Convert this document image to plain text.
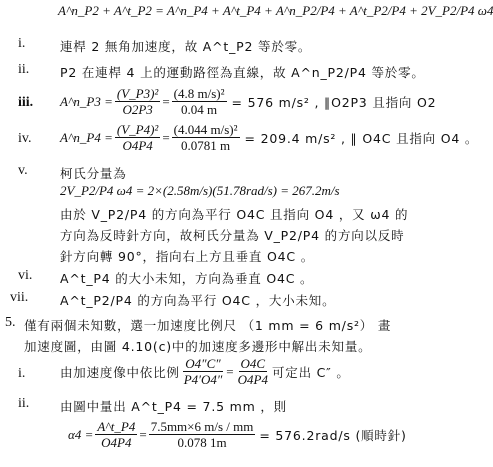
A^n_P2 + A^t_P2 = A^n_P4 + A^t_P4 + A^n_P2/P4 + A^t_P2/P4 + 2V_P2/P4 ω4
i.	連桿 2 無角加速度，故 A^t_P2 等於零。
ii. P2 在連桿 4 上的運動路徑為直線，故 A^n_P2/P4 等於零。
iii. A^n_P3 = $\frac{\text{(V\_P3)²}}{O2P3} = \frac{\text{(4.8 m/s)²}}{0.04 m} = 576$ m/s² , ∥O2P3 且指向 O2
iv. A^n_P4 = $\frac{\text{(V\_P4)²}}{O4P4} = \frac{\text{(4.044 m/s)²}}{0.0781 m} = 209.4$ m/s² , ∥ O4C 且指向 O4 。
v.	柯氏分量為
2V_P2/P4 ω4 = 2×(2.58m/s)(51.78rad/s) = 267.2m/s
由於 V_P2/P4 的方向為平行 O4C 且指向 O4 ，又 ω4 的
方向為反時針方向，故柯氏分量為 V_P2/P4 的方向以反時
針方向轉 90°，指向右上方且垂直 O4C 。
vi. A^t_P4 的大小未知，方向為垂直 O4C 。
vii.	A^t_P2/P4 的方向為平行 O4C ，大小未知。
5. 僅有兩個未知數，選一加速度比例尺 （1 mm = 6 m/s²） 畫
加速度圖，由圖 4.10(c)中的加速度多邊形中解出未知量。
i.	由加速度像中依比例 $\frac{O4''C''}{P4'O4''} = \frac{O4C}{O4P4}$ 可定出 C″ 。
ii. 由圖中量出 A^t_P4 = 7.5 mm ，則
$\alpha 4 = \frac{A\^{}t\_P4}{O4P4} = \frac{7.5mm\times 6 m/s / mm}{0.078 1m} = 576.2rad/s$ (順時針)
